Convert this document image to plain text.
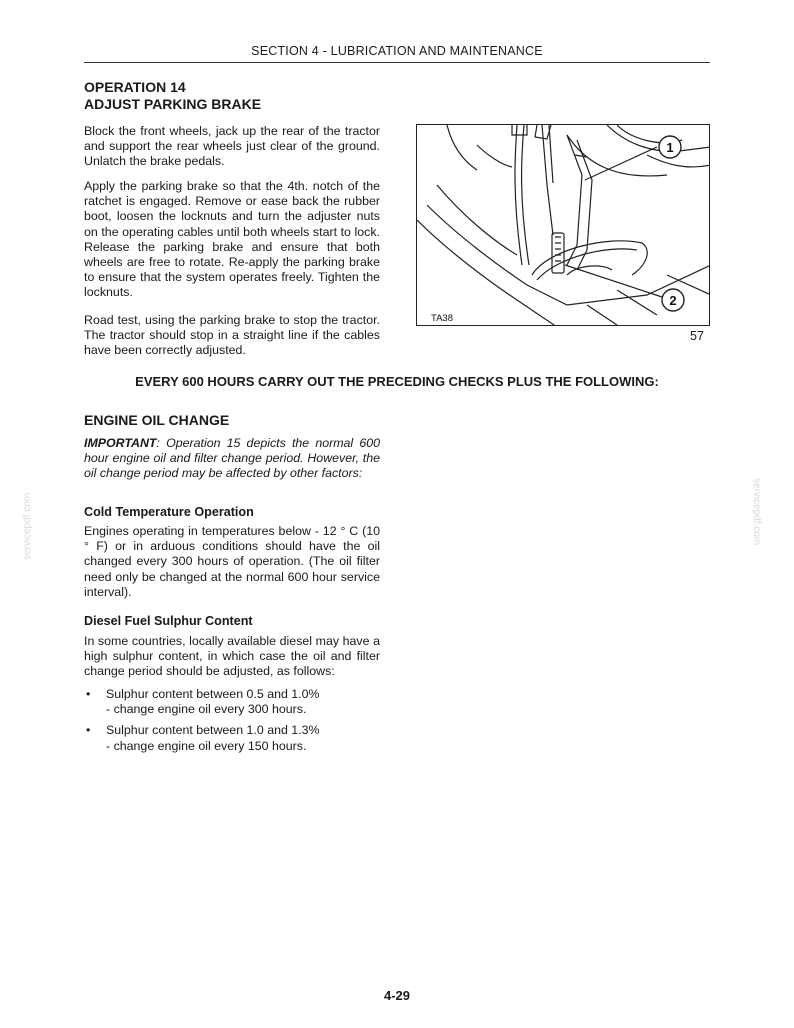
SECTION 4 - LUBRICATION AND MAINTENANCE
OPERATION 14
ADJUST PARKING BRAKE

Block the front wheels, jack up the rear of the tractor and support the rear wheels just clear of the ground. Unlatch the brake pedals.

Apply the parking brake so that the 4th. notch of the ratchet is engaged. Remove or ease back the rubber boot, loosen the locknuts and turn the adjuster nuts on the operating cables until both wheels start to lock. Release the parking brake and ensure that both wheels are free to rotate. Re-apply the parking brake to ensure that the system operates freely. Tighten the locknuts.

Road test, using the parking brake to stop the tractor. The tractor should stop in a straight line if the cables have been correctly adjusted.

1
2
TA38
57
EVERY 600 HOURS CARRY OUT THE PRECEDING CHECKS PLUS THE FOLLOWING:
ENGINE OIL CHANGE

IMPORTANT: Operation 15 depicts the normal 600 hour engine oil and filter change period. However, the oil change period may be affected by other factors:

Cold Temperature Operation

Engines operating in temperatures below - 12 ° C (10 ° F) or in arduous conditions should have the oil changed every 300 hours of operation. (The oil filter need only be changed at the normal 600 hour service interval).

Diesel Fuel Sulphur Content

In some countries, locally available diesel may have a high sulphur content, in which case the oil and filter change period should be adjusted, as follows:

• Sulphur content between 0.5 and 1.0%
- change engine oil every 300 hours.
• Sulphur content between 1.0 and 1.3%
- change engine oil every 150 hours.
servicepdf.com	servicepdf.com
4-29
